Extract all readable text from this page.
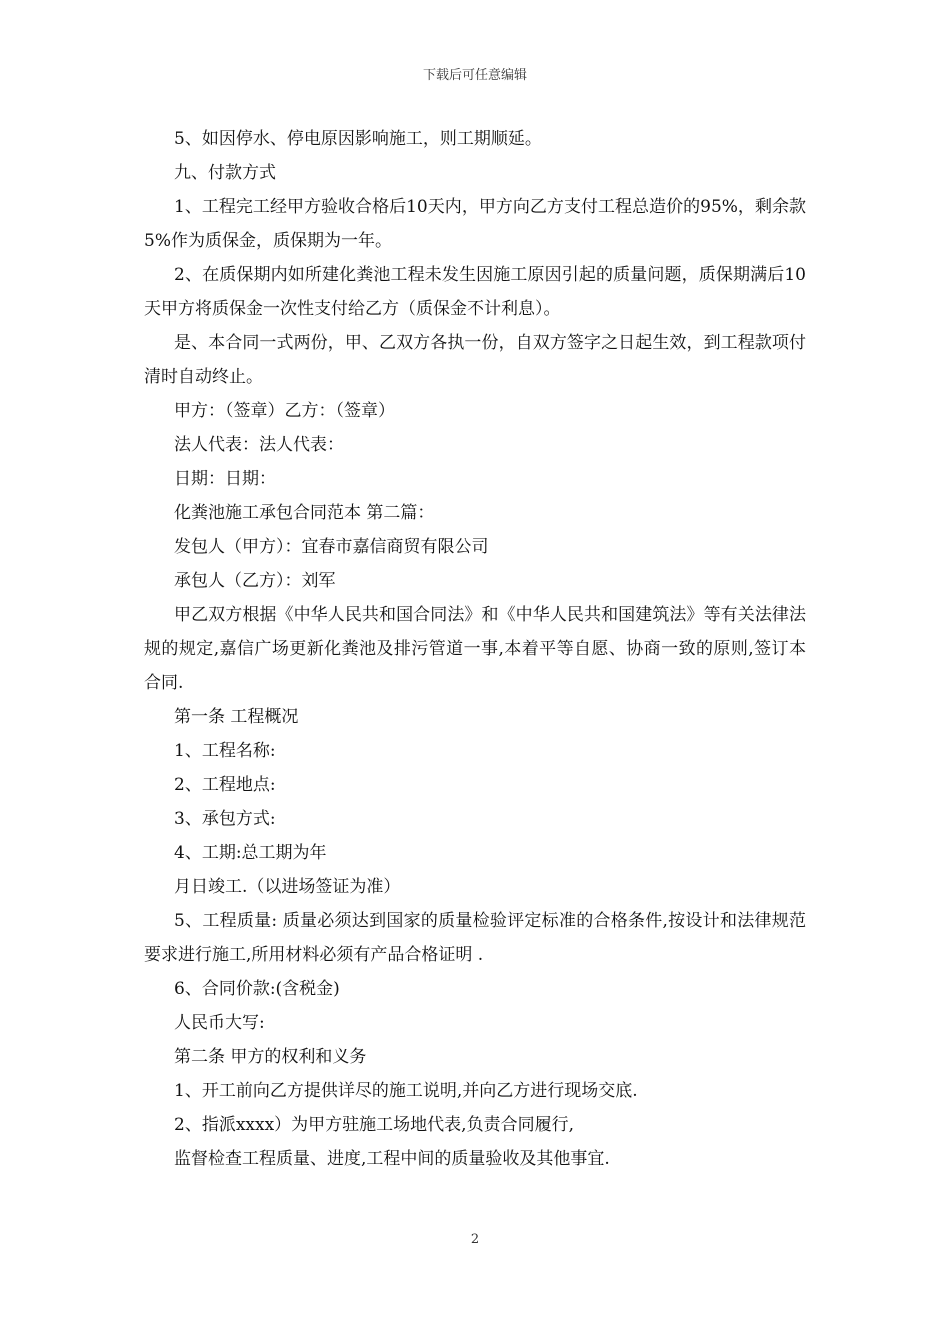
下载后可任意编辑

5、如因停水、停电原因影响施工，则工期顺延。

九、付款方式

1、工程完工经甲方验收合格后10天内，甲方向乙方支付工程总造价的95%，剩余款5%作为质保金，质保期为一年。

2、在质保期内如所建化粪池工程未发生因施工原因引起的质量问题，质保期满后10天甲方将质保金一次性支付给乙方（质保金不计利息）。

是、本合同一式两份，甲、乙双方各执一份，自双方签字之日起生效，到工程款项付清时自动终止。

甲方：（签章）乙方：（签章）

法人代表：法人代表：

日期：日期：

化粪池施工承包合同范本 第二篇：

发包人（甲方）：宜春市嘉信商贸有限公司

承包人（乙方）：刘军

甲乙双方根据《中华人民共和国合同法》和《中华人民共和国建筑法》等有关法律法规的规定,嘉信广场更新化粪池及排污管道一事,本着平等自愿、协商一致的原则,签订本合同.

第一条 工程概况

1、工程名称:

2、工程地点:

3、承包方式:

4、工期:总工期为年

月日竣工.（以进场签证为准）

5、工程质量: 质量必须达到国家的质量检验评定标准的合格条件,按设计和法律规范要求进行施工,所用材料必须有产品合格证明 .

6、合同价款:(含税金)

人民币大写:

第二条 甲方的权利和义务

1、开工前向乙方提供详尽的施工说明,并向乙方进行现场交底.

2、指派xxxx）为甲方驻施工场地代表,负责合同履行,

监督检查工程质量、进度,工程中间的质量验收及其他事宜.

2
